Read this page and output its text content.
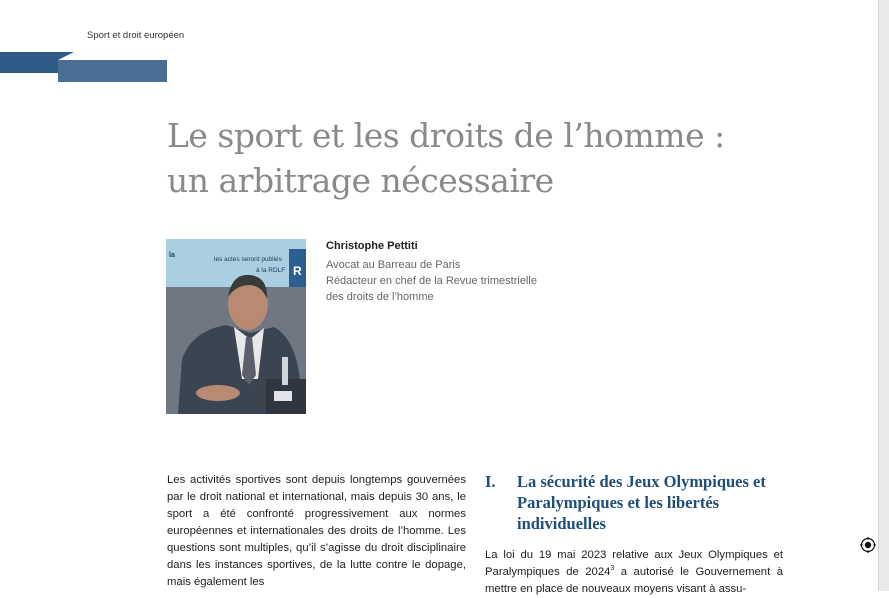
Sport et droit européen
Le sport et les droits de l’homme :
un arbitrage nécessaire
la
les actes seront publiés
à la RDLF R
Christophe Pettiti
Avocat au Barreau de Paris
Rédacteur en chef de la Revue trimestrielle
des droits de l’homme
Les activités sportives sont depuis longtemps gouvernées par le droit national et international, mais depuis 30 ans, le sport a été confronté progressivement aux normes européennes et internationales des droits de l’homme. Les questions sont multiples, qu’il s’agisse du droit disciplinaire dans les instances sportives, de la lutte contre le dopage, mais également les
I.	La sécurité des Jeux Olympiques et Paralympiques et les libertés individuelles
La loi du 19 mai 2023 relative aux Jeux Olympiques et Paralympiques de 2024$^3$ a autorisé le Gouvernement à mettre en place de nouveaux moyens visant à assu-
